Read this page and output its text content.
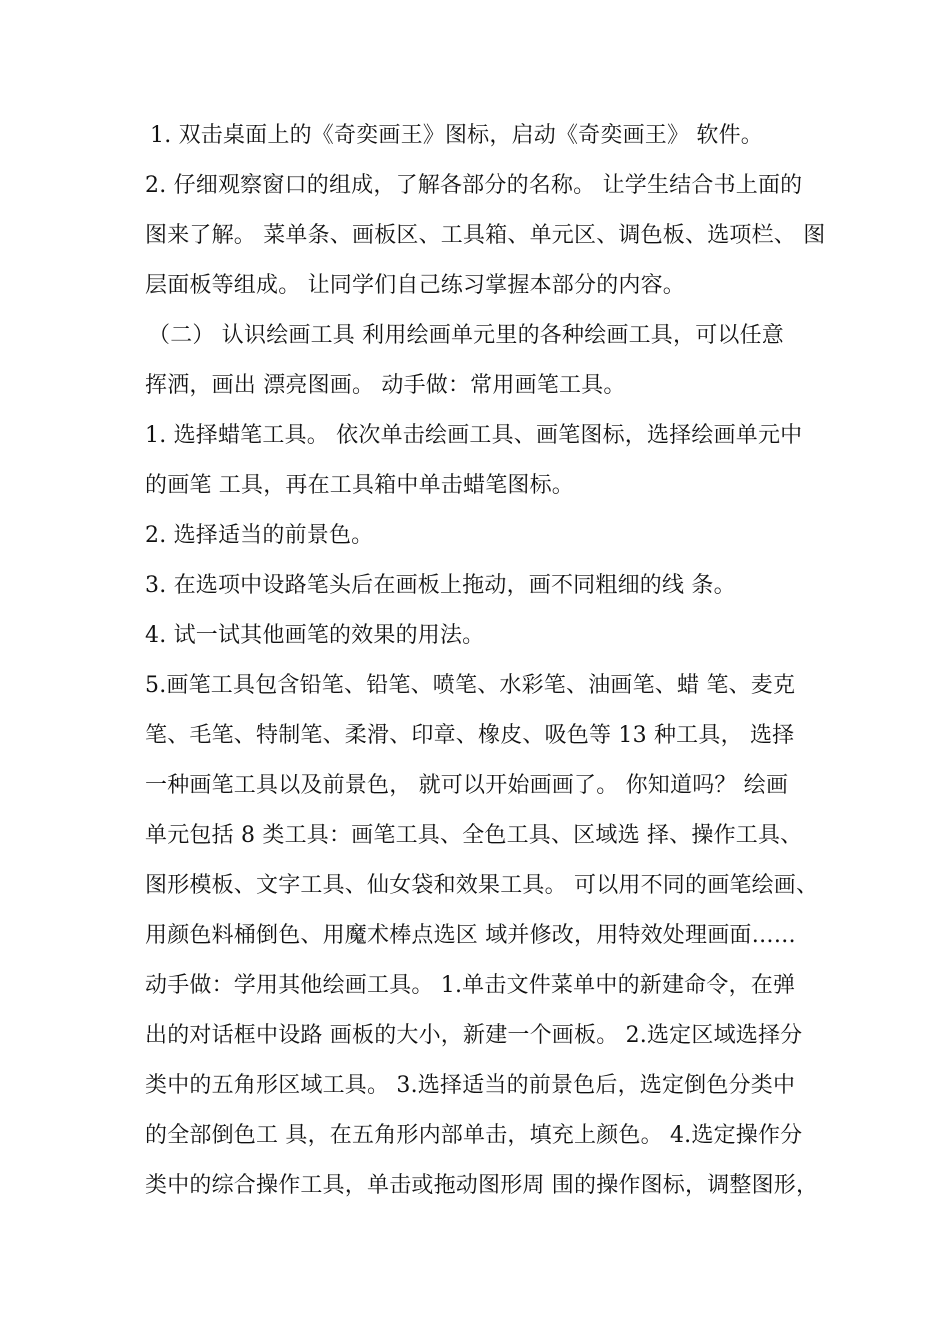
1. 双击桌面上的《奇奕画王》图标，启动《奇奕画王》 软件。
2. 仔细观察窗口的组成，了解各部分的名称。 让学生结合书上面的
图来了解。 菜单条、画板区、工具箱、单元区、调色板、选项栏、 图
层面板等组成。 让同学们自己练习掌握本部分的内容。
（二） 认识绘画工具 利用绘画单元里的各种绘画工具，可以任意
挥洒，画出 漂亮图画。 动手做：常用画笔工具。
1. 选择蜡笔工具。 依次单击绘画工具、画笔图标，选择绘画单元中
的画笔 工具，再在工具箱中单击蜡笔图标。
2. 选择适当的前景色。
3. 在选项中设路笔头后在画板上拖动，画不同粗细的线 条。
4. 试一试其他画笔的效果的用法。
5.画笔工具包含铅笔、铅笔、喷笔、水彩笔、油画笔、蜡 笔、麦克
笔、毛笔、特制笔、柔滑、印章、橡皮、吸色等 13 种工具， 选择
一种画笔工具以及前景色， 就可以开始画画了。 你知道吗？ 绘画
单元包括 8 类工具：画笔工具、全色工具、区域选 择、操作工具、
图形模板、文字工具、仙女袋和效果工具。 可以用不同的画笔绘画、
用颜色料桶倒色、用魔术棒点选区 域并修改，用特效处理画面……
动手做：学用其他绘画工具。 1.单击文件菜单中的新建命令，在弹
出的对话框中设路 画板的大小，新建一个画板。 2.选定区域选择分
类中的五角形区域工具。 3.选择适当的前景色后，选定倒色分类中
的全部倒色工 具，在五角形内部单击，填充上颜色。 4.选定操作分
类中的综合操作工具，单击或拖动图形周 围的操作图标，调整图形，
